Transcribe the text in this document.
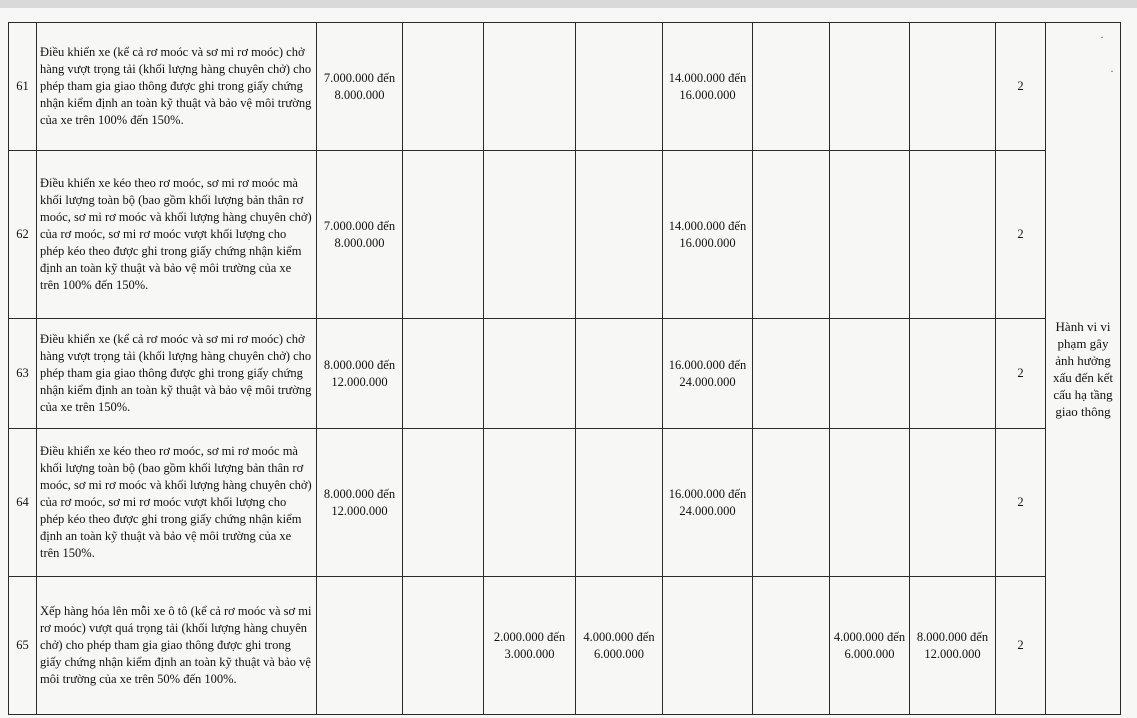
·
·
61	Điều khiển xe (kể cả rơ moóc và sơ mi rơ moóc) chở hàng vượt trọng tải (khối lượng hàng chuyên chở) cho phép tham gia giao thông được ghi trong giấy chứng nhận kiểm định an toàn kỹ thuật và bảo vệ môi trường của xe trên 100% đến 150%.	7.000.000 đến 8.000.000				14.000.000 đến 16.000.000				2	Hành vi vi phạm gây ảnh hưởng xấu đến kết cấu hạ tầng giao thông
62	Điều khiển xe kéo theo rơ moóc, sơ mi rơ moóc mà khối lượng toàn bộ (bao gồm khối lượng bản thân rơ moóc, sơ mi rơ moóc và khối lượng hàng chuyên chở) của rơ moóc, sơ mi rơ moóc vượt khối lượng cho phép kéo theo được ghi trong giấy chứng nhận kiểm định an toàn kỹ thuật và bảo vệ môi trường của xe trên 100% đến 150%.	7.000.000 đến 8.000.000				14.000.000 đến 16.000.000				2	
63	Điều khiển xe (kể cả rơ moóc và sơ mi rơ moóc) chở hàng vượt trọng tải (khối lượng hàng chuyên chở) cho phép tham gia giao thông được ghi trong giấy chứng nhận kiểm định an toàn kỹ thuật và bảo vệ môi trường của xe trên 150%.	8.000.000 đến 12.000.000				16.000.000 đến 24.000.000				2	
64	Điều khiển xe kéo theo rơ moóc, sơ mi rơ moóc mà khối lượng toàn bộ (bao gồm khối lượng bản thân rơ moóc, sơ mi rơ moóc và khối lượng hàng chuyên chở) của rơ moóc, sơ mi rơ moóc vượt khối lượng cho phép kéo theo được ghi trong giấy chứng nhận kiểm định an toàn kỹ thuật và bảo vệ môi trường của xe trên 150%.	8.000.000 đến 12.000.000				16.000.000 đến 24.000.000				2	
65	Xếp hàng hóa lên mỗi xe ô tô (kể cả rơ moóc và sơ mi rơ moóc) vượt quá trọng tải (khối lượng hàng chuyên chở) cho phép tham gia giao thông được ghi trong giấy chứng nhận kiểm định an toàn kỹ thuật và bảo vệ môi trường của xe trên 50% đến 100%.			2.000.000 đến 3.000.000	4.000.000 đến 6.000.000			4.000.000 đến 6.000.000	8.000.000 đến 12.000.000	2	
